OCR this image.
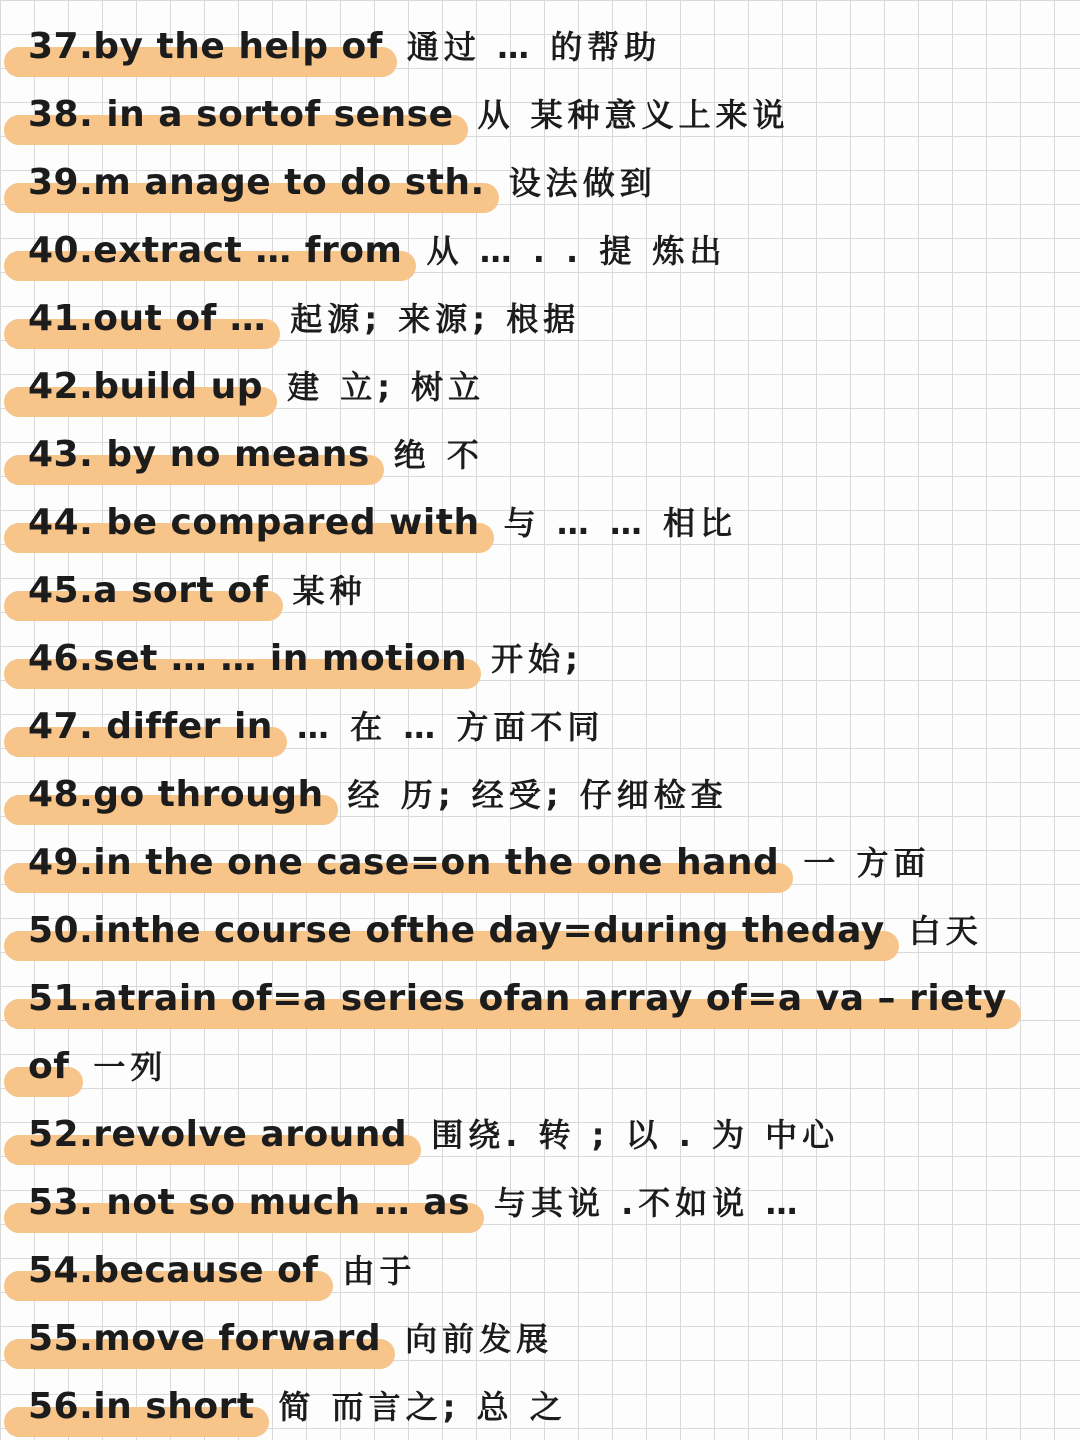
37.by the help of 通过 … 的帮助
38. in a sortof sense 从 某种意义上来说
39.m anage to do sth. 设法做到
40.extract … from 从 … . . 提 炼出
41.out of … 起源; 来源; 根据
42.build up 建 立; 树立
43. by no means 绝 不
44. be compared with 与 … … 相比
45.a sort of 某种
46.set … … in motion 开始;
47. differ in … 在 … 方面不同
48.go through 经 历; 经受; 仔细检查
49.in the one case=on the one hand 一 方面
50.inthe course ofthe day=during theday 白天
51.atrain of=a series ofan array of=a va – riety
of 一列
52.revolve around 围绕. 转 ; 以 . 为 中心
53. not so much … as 与其说 .不如说 …
54.because of 由于
55.move forward 向前发展
56.in short 简 而言之; 总 之
